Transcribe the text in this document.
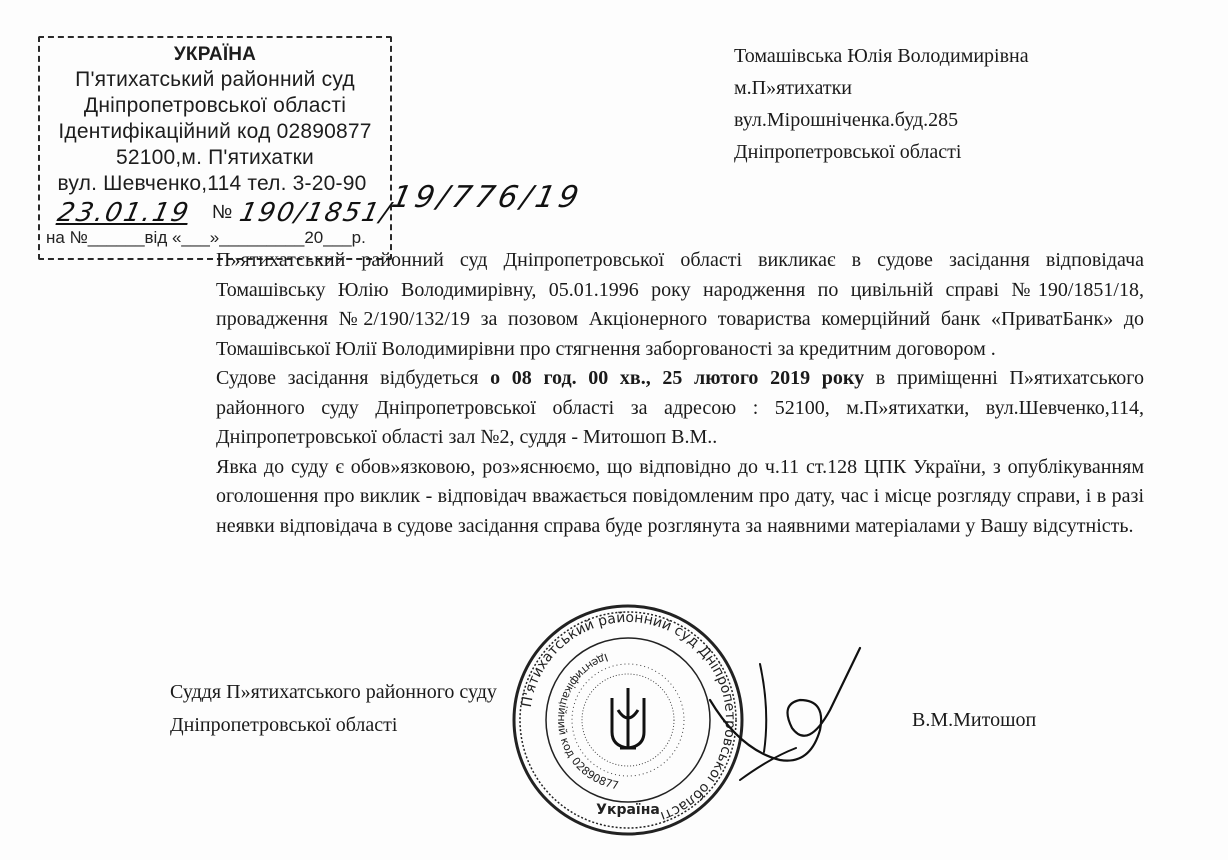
УКРАЇНА
П'ятихатський районний суд
Дніпропетровської області
Ідентифікаційний код 02890877
52100,м. П'ятихатки
вул. Шевченко,114 тел. 3-20-90
23.01.19 № 190/1851/
на №______від «___»_________20___р.
19/776/19
Томашівська Юлія Володимирівна
м.П»ятихатки
вул.Мірошніченка.буд.285
Дніпропетровської області

П»ятихатський районний суд Дніпропетровської області викликає в судове засідання відповідача Томашівську Юлію Володимирівну, 05.01.1996 року народження по цивільній справі №190/1851/18, провадження №2/190/132/19 за позовом Акціонерного товариства комерційний банк «ПриватБанк» до Томашівської Юлії Володимирівни про стягнення заборгованості за кредитним договором .

Судове засідання відбудеться о 08 год. 00 хв., 25 лютого 2019 року в приміщенні П»ятихатського районного суду Дніпропетровської області за адресою : 52100, м.П»ятихатки, вул.Шевченко,114, Дніпропетровської області зал №2, суддя - Митошоп В.М..

Явка до суду є обов»язковою, роз»яснюємо, що відповідно до ч.11 ст.128 ЦПК України, з опублікуванням оголошення про виклик - відповідач вважається повідомленим про дату, час і місце розгляду справи, і в разі неявки відповідача в судове засідання справа буде розглянута за наявними матеріалами у Вашу відсутність.

П'ятихатський районний суд Дніпропетровської області
Ідентифікаційний код 02890877
Україна
Суддя П»ятихатського районного суду
Дніпропетровської області	В.М.Митошоп
